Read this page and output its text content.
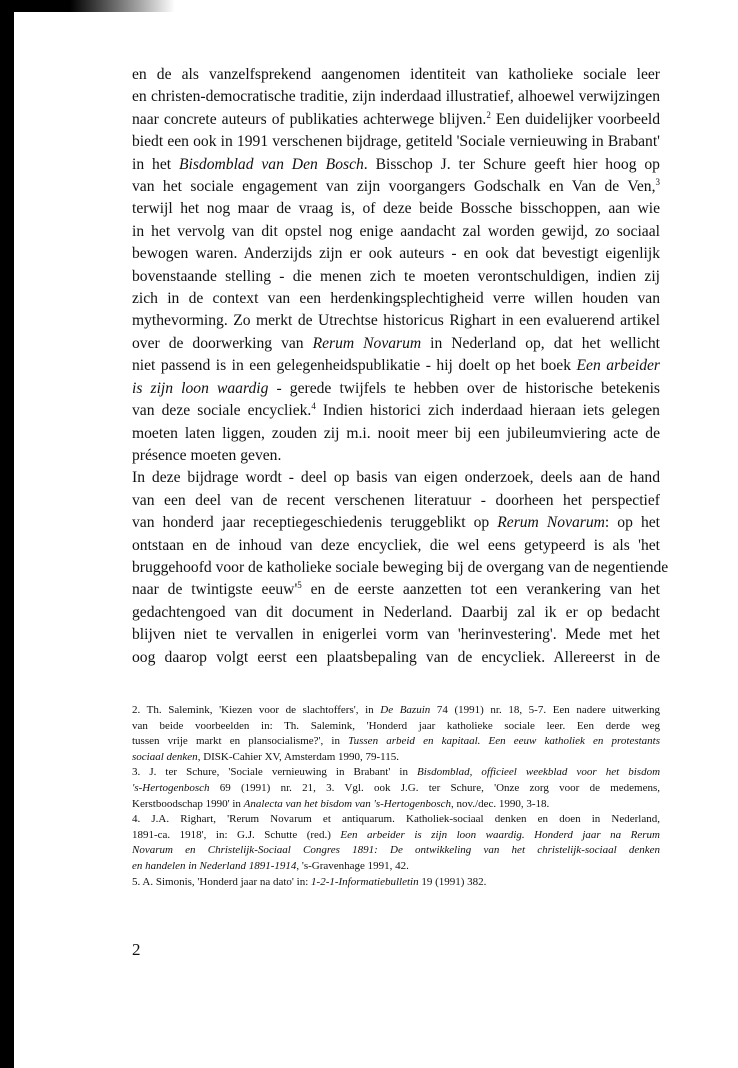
en de als vanzelfsprekend aangenomen identiteit van katholieke sociale leer
en christen-democratische traditie, zijn inderdaad illustratief, alhoewel verwijzingen
naar concrete auteurs of publikaties achterwege blijven.$^2$ Een duidelijker voorbeeld
biedt een ook in 1991 verschenen bijdrage, getiteld 'Sociale vernieuwing in Brabant'
in het Bisdomblad van Den Bosch. Bisschop J. ter Schure geeft hier hoog op
van het sociale engagement van zijn voorgangers Godschalk en Van de Ven,$^3$
terwijl het nog maar de vraag is, of deze beide Bossche bisschoppen, aan wie
in het vervolg van dit opstel nog enige aandacht zal worden gewijd, zo sociaal
bewogen waren. Anderzijds zijn er ook auteurs - en ook dat bevestigt eigenlijk
bovenstaande stelling - die menen zich te moeten verontschuldigen, indien zij
zich in de context van een herdenkingsplechtigheid verre willen houden van
mythevorming. Zo merkt de Utrechtse historicus Righart in een evaluerend artikel
over de doorwerking van Rerum Novarum in Nederland op, dat het wellicht
niet passend is in een gelegenheidspublikatie - hij doelt op het boek Een arbeider
is zijn loon waardig - gerede twijfels te hebben over de historische betekenis
van deze sociale encycliek.$^4$ Indien historici zich inderdaad hieraan iets gelegen
moeten laten liggen, zouden zij m.i. nooit meer bij een jubileumviering acte de
présence moeten geven.
In deze bijdrage wordt - deel op basis van eigen onderzoek, deels aan de hand
van een deel van de recent verschenen literatuur - doorheen het perspectief
van honderd jaar receptiegeschiedenis teruggeblikt op Rerum Novarum: op het
ontstaan en de inhoud van deze encycliek, die wel eens getypeerd is als 'het
bruggehoofd voor de katholieke sociale beweging bij de overgang van de negentiende
naar de twintigste $eeuw'^5$ en de eerste aanzetten tot een verankering van het
gedachtengoed van dit document in Nederland. Daarbij zal ik er op bedacht
blijven niet te vervallen in enigerlei vorm van 'herinvestering'. Mede met het
oog daarop volgt eerst een plaatsbepaling van de encycliek. Allereerst in de

2. Th. Salemink, 'Kiezen voor de slachtoffers', in De Bazuin 74 (1991) nr. 18, 5-7. Een nadere uitwerking
van beide voorbeelden in: Th. Salemink, 'Honderd jaar katholieke sociale leer. Een derde weg
tussen vrije markt en plansocialisme?', in Tussen arbeid en kapitaal. Een eeuw katholiek en protestants
sociaal denken, DISK-Cahier XV, Amsterdam 1990, 79-115.
3. J. ter Schure, 'Sociale vernieuwing in Brabant' in Bisdomblad, officieel weekblad voor het bisdom
's-Hertogenbosch 69 (1991) nr. 21, 3. Vgl. ook J.G. ter Schure, 'Onze zorg voor de medemens,
Kerstboodschap 1990' in Analecta van het bisdom van 's-Hertogenbosch, nov./dec. 1990, 3-18.
4. J.A. Righart, 'Rerum Novarum et antiquarum. Katholiek-sociaal denken en doen in Nederland,
1891-ca. 1918', in: G.J. Schutte (red.) Een arbeider is zijn loon waardig. Honderd jaar na Rerum
Novarum en Christelijk-Sociaal Congres 1891: De ontwikkeling van het christelijk-sociaal denken
en handelen in Nederland 1891-1914, 's-Gravenhage 1991, 42.
5. A. Simonis, 'Honderd jaar na dato' in: 1-2-1-Informatiebulletin 19 (1991) 382.
2
